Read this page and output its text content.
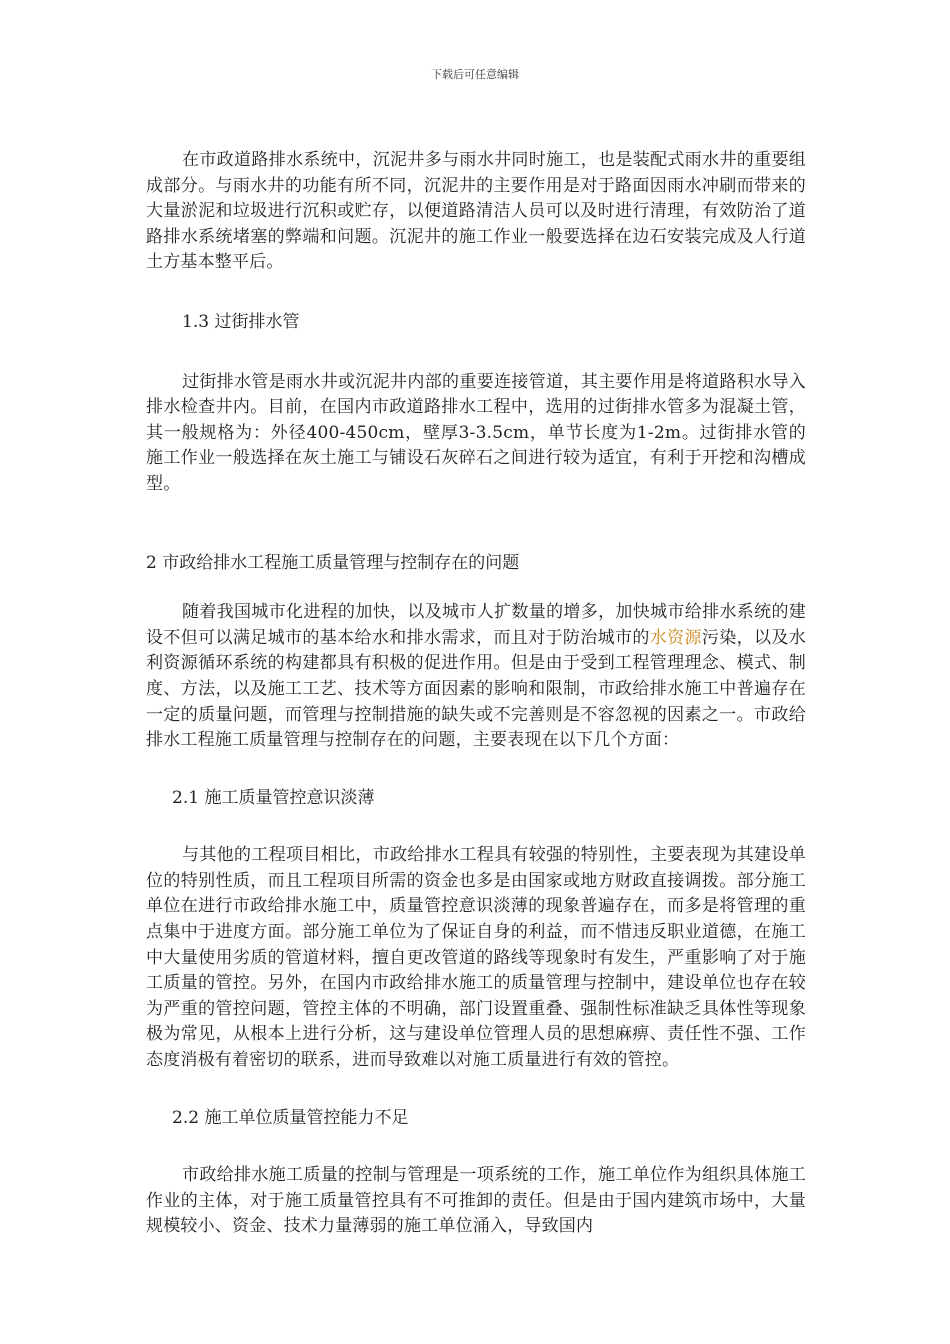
下载后可任意编辑

在市政道路排水系统中，沉泥井多与雨水井同时施工，也是装配式雨水井的重要组成部分。与雨水井的功能有所不同，沉泥井的主要作用是对于路面因雨水冲刷而带来的大量淤泥和垃圾进行沉积或贮存，以便道路清洁人员可以及时进行清理，有效防治了道路排水系统堵塞的弊端和问题。沉泥井的施工作业一般要选择在边石安装完成及人行道土方基本整平后。

1.3 过街排水管

过街排水管是雨水井或沉泥井内部的重要连接管道，其主要作用是将道路积水导入排水检查井内。目前，在国内市政道路排水工程中，选用的过街排水管多为混凝土管，其一般规格为：外径400-450cm，壁厚3-3.5cm，单节长度为1-2m。过街排水管的施工作业一般选择在灰土施工与铺设石灰碎石之间进行较为适宜，有利于开挖和沟槽成型。

2 市政给排水工程施工质量管理与控制存在的问题

随着我国城市化进程的加快，以及城市人扩数量的增多，加快城市给排水系统的建设不但可以满足城市的基本给水和排水需求，而且对于防治城市的水资源污染，以及水利资源循环系统的构建都具有积极的促进作用。但是由于受到工程管理理念、模式、制度、方法，以及施工工艺、技术等方面因素的影响和限制，市政给排水施工中普遍存在一定的质量问题，而管理与控制措施的缺失或不完善则是不容忽视的因素之一。市政给排水工程施工质量管理与控制存在的问题，主要表现在以下几个方面：

2.1 施工质量管控意识淡薄

与其他的工程项目相比，市政给排水工程具有较强的特别性，主要表现为其建设单位的特别性质，而且工程项目所需的资金也多是由国家或地方财政直接调拨。部分施工单位在进行市政给排水施工中，质量管控意识淡薄的现象普遍存在，而多是将管理的重点集中于进度方面。部分施工单位为了保证自身的利益，而不惜违反职业道德，在施工中大量使用劣质的管道材料，擅自更改管道的路线等现象时有发生，严重影响了对于施工质量的管控。另外，在国内市政给排水施工的质量管理与控制中，建设单位也存在较为严重的管控问题，管控主体的不明确，部门设置重叠、强制性标准缺乏具体性等现象极为常见，从根本上进行分析，这与建设单位管理人员的思想麻痹、责任性不强、工作态度消极有着密切的联系，进而导致难以对施工质量进行有效的管控。

2.2 施工单位质量管控能力不足

市政给排水施工质量的控制与管理是一项系统的工作，施工单位作为组织具体施工作业的主体，对于施工质量管控具有不可推卸的责任。但是由于国内建筑市场中，大量规模较小、资金、技术力量薄弱的施工单位涌入，导致国内
